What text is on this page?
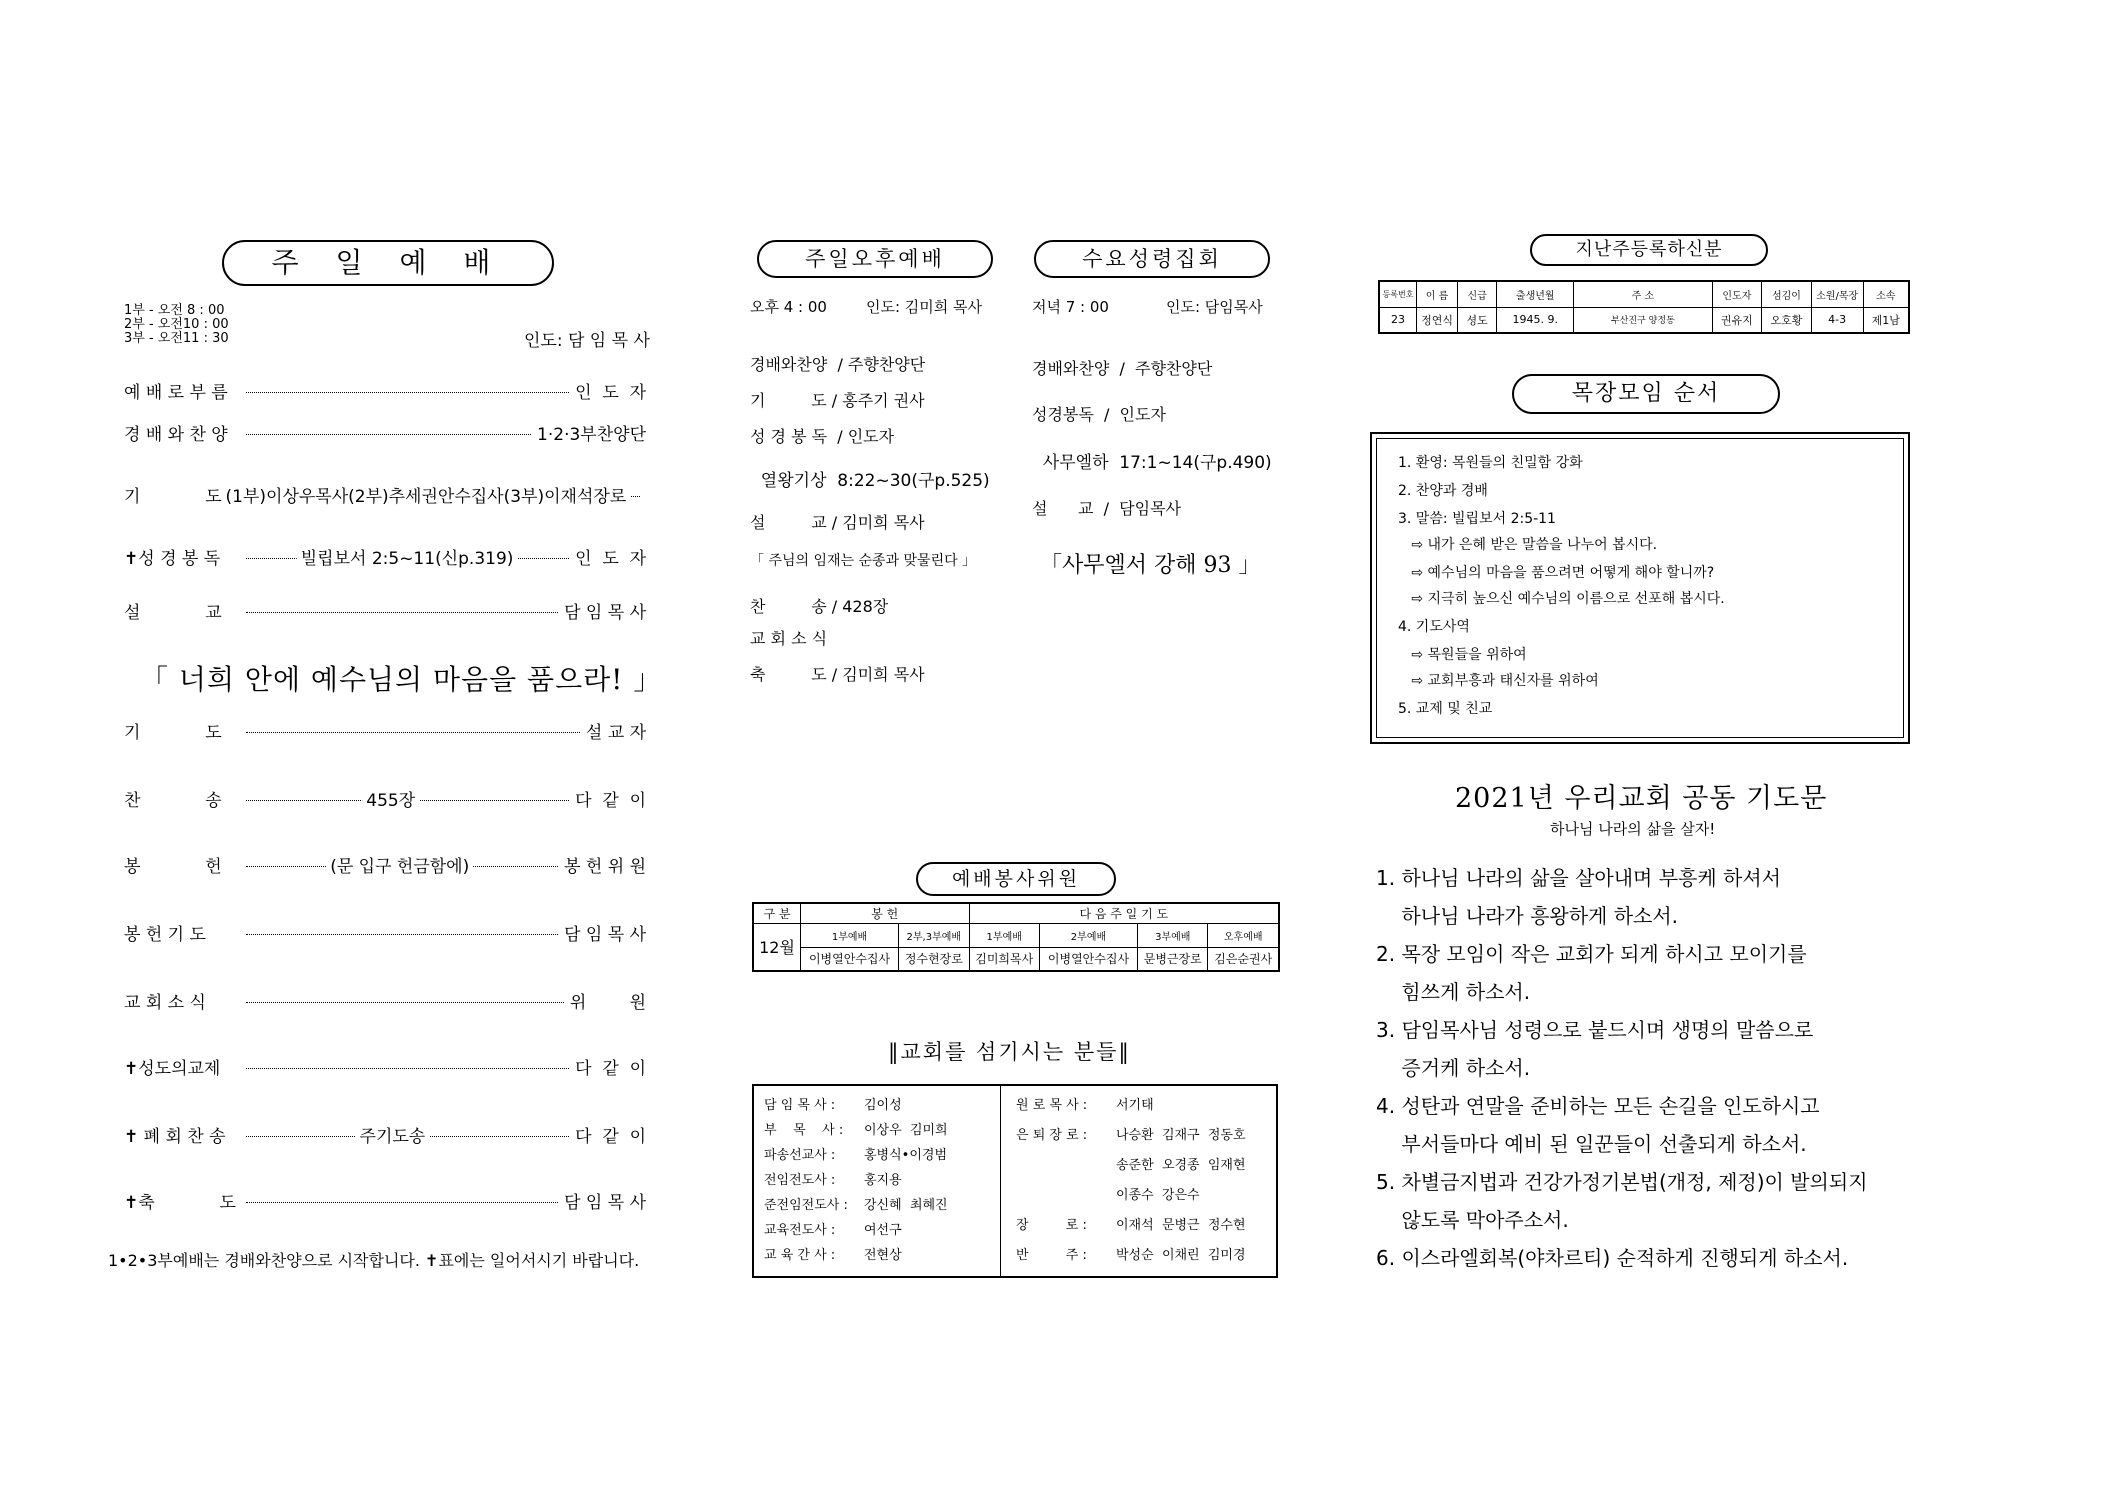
주 일 예 배
1부 - 오전 8 : 00
2부 - 오전10 : 00
3부 - 오전11 : 30	인도: 담 임 목 사
예 배 로 부 름	인  도  자
경 배 와 찬 양	1·2·3부찬양단
기            도 (1부)이상우목사(2부)추세권안수집사(3부)이재석장로
✝성 경 봉 독	빌립보서 2:5~11(신p.319)	인  도  자
설            교	담 임 목 사
「 너희 안에 예수님의 마음을 품으라! 」
기            도	설 교 자
찬            송	455장	다  같  이
봉            헌	(문 입구 헌금함에)	봉 헌 위 원
봉 헌 기 도	담 임 목 사
교 회 소 식	위        원
✝성도의교제	다  같  이
✝ 폐 회 찬 송	주기도송	다  같  이
✝축            도	담 임 목 사
1•2•3부예배는 경배와찬양으로 시작합니다. ✝표에는 일어서시기 바랍니다.
주일오후예배
오후 4 : 00	인도: 김미희 목사
경배와찬양  / 주향찬양단
기         도 / 홍주기 권사
성 경 봉 독  / 인도자
열왕기상  8:22~30(구p.525)
설         교 / 김미희 목사
「 주님의 임재는 순종과 맞물린다 」
찬         송 / 428장
교 회 소 식
축         도 / 김미희 목사
수요성령집회
저녁 7 : 00	인도: 담임목사
경배와찬양  /  주향찬양단
성경봉독  /  인도자
사무엘하  17:1~14(구p.490)
설      교  /  담임목사
「사무엘서 강해 93 」
예배봉사위원
구 분	봉 헌		다 음 주 일 기 도			
12월	1부예배	2부,3부예배	1부예배	2부예배	3부예배	오후예배
	이병열안수집사	정수현장로	김미희목사	이병열안수집사	문병근장로	김은순권사
‖교회를 섬기시는 분들‖
담 임 목 사 : 김이성
부    목    사 : 이상우  김미희
파송선교사 : 홍병식•이경범
전임전도사 : 홍지용
준전임전도사 : 강신혜  최혜진
교육전도사 : 여선구
교 육 간 사 : 전현상
원 로 목 사 : 서기태
은 퇴 장 로 : 나승환  김재구  정동호
송준한  오경종  임재현
이종수  강은수
장         로 : 이재석  문병근  정수현
반         주 : 박성순  이채린  김미경
지난주등록하신분
등록번호	이 름	신급	출생년월	주 소	인도자	섬김이	소원/목장	소속
23	정연식	셩도	1945. 9.	부산진구 양정동	권유지	오호황	4-3	제1남
목장모임 순서
1. 환영: 목원들의 친밀함 강화
2. 찬양과 경배
3. 말씀: 빌립보서 2:5-11
⇨ 내가 은혜 받은 말씀을 나누어 봅시다.
⇨ 예수님의 마음을 품으려면 어떻게 해야 할니까?
⇨ 지극히 높으신 예수님의 이름으로 선포해 봅시다.
4. 기도사역
⇨ 목원들을 위하여
⇨ 교회부흥과 태신자를 위하여
5. 교제 및 친교
2021년 우리교회 공동 기도문
하나님 나라의 삶을 살자!
1. 하나님 나라의 삶을 살아내며 부흥케 하셔서
하나님 나라가 흥왕하게 하소서.
2. 목장 모임이 작은 교회가 되게 하시고 모이기를
힘쓰게 하소서.
3. 담임목사님 성령으로 붙드시며 생명의 말씀으로
증거케 하소서.
4. 성탄과 연말을 준비하는 모든 손길을 인도하시고
부서들마다 예비 된 일꾼들이 선출되게 하소서.
5. 차별금지법과 건강가정기본법(개정, 제정)이 발의되지
않도록 막아주소서.
6. 이스라엘회복(야차르티) 순적하게 진행되게 하소서.
